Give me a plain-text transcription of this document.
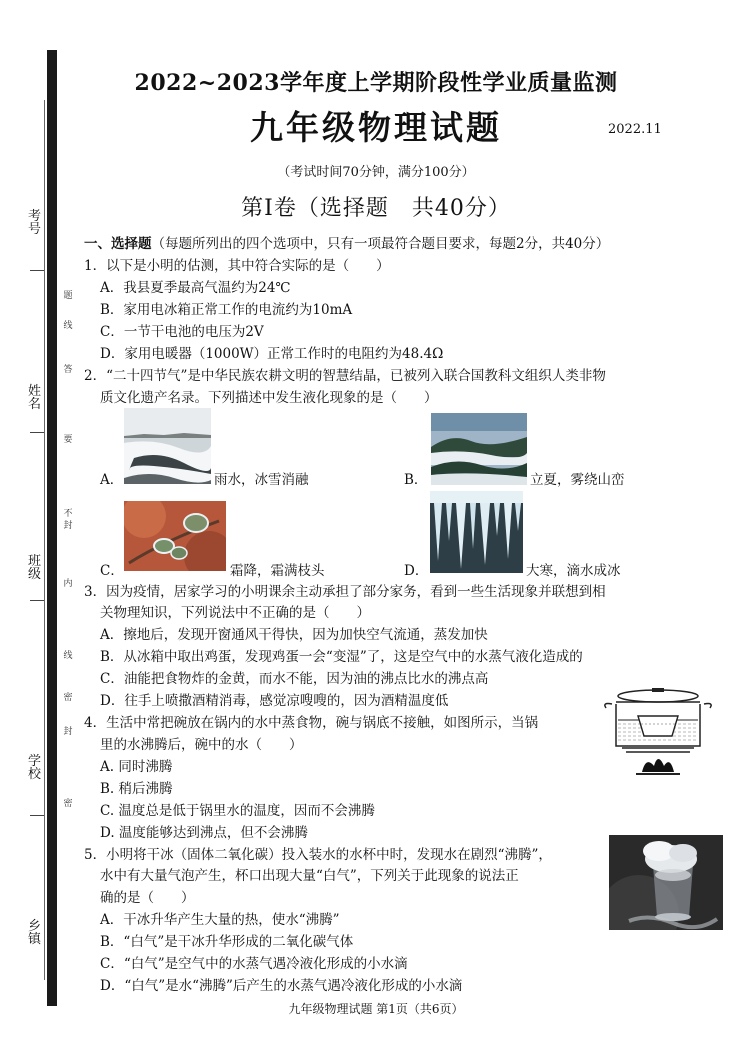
考号
姓名
班级
学校
乡镇
题
线
答
要
不
封
内
线
密
封
密
2022~2023学年度上学期阶段性学业质量监测
九年级物理试题	2022.11
（考试时间70分钟，满分100分）
第Ⅰ卷（选择题　共40分）
一、选择题（每题所列出的四个选项中，只有一项最符合题目要求，每题2分，共40分）
1．以下是小明的估测，其中符合实际的是（　　）
A．我县夏季最高气温约为24℃
B．家用电冰箱正常工作的电流约为10mA
C．一节干电池的电压为2V
D．家用电暖器（1000W）正常工作时的电阻约为48.4Ω
2．“二十四节气”是中华民族农耕文明的智慧结晶，已被列入联合国教科文组织人类非物
质文化遗产名录。下列描述中发生液化现象的是（　　）
A．	雨水，冰雪消融	B．	立夏，雾绕山峦
C．	霜降，霜满枝头	D．	大寒，滴水成冰
3．因为疫情，居家学习的小明课余主动承担了部分家务，看到一些生活现象并联想到相
关物理知识，下列说法中不正确的是（　　）
A．擦地后，发现开窗通风干得快，因为加快空气流通，蒸发加快
B．从冰箱中取出鸡蛋，发现鸡蛋一会“变湿”了，这是空气中的水蒸气液化造成的
C．油能把食物炸的金黄，而水不能，因为油的沸点比水的沸点高
D．往手上喷撒酒精消毒，感觉凉嗖嗖的，因为酒精温度低
4．生活中常把碗放在锅内的水中蒸食物，碗与锅底不接触，如图所示，当锅
里的水沸腾后，碗中的水（　　）
A. 同时沸腾
B. 稍后沸腾
C. 温度总是低于锅里水的温度，因而不会沸腾
D. 温度能够达到沸点，但不会沸腾
5．小明将干冰（固体二氧化碳）投入装水的水杯中时，发现水在剧烈“沸腾”，
水中有大量气泡产生，杯口出现大量“白气”，下列关于此现象的说法正
确的是（　　）
A．干冰升华产生大量的热，使水“沸腾”
B．“白气”是干冰升华形成的二氧化碳气体
C．“白气”是空气中的水蒸气遇冷液化形成的小水滴
D．“白气”是水“沸腾”后产生的水蒸气遇冷液化形成的小水滴
九年级物理试题 第1页（共6页）
